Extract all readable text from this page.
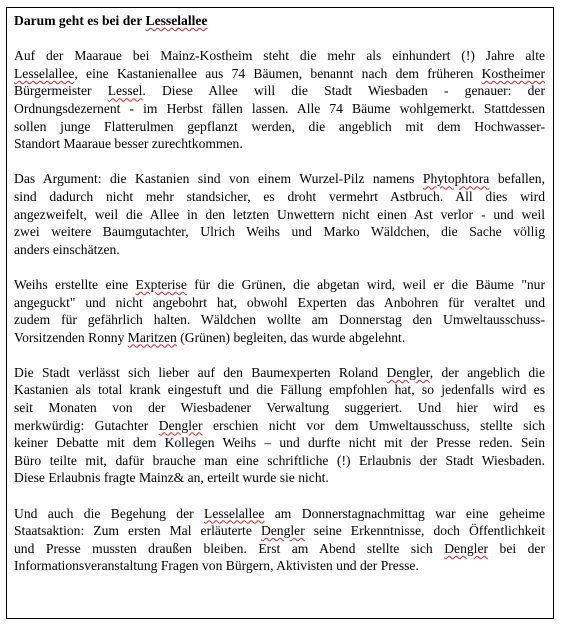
Darum geht es bei der Lesselallee
Auf der Maaraue bei Mainz-Kostheim steht die mehr als einhundert (!) Jahre alte
Lesselallee, eine Kastanienallee aus 74 Bäumen, benannt nach dem früheren Kostheimer
Bürgermeister Lessel. Diese Allee will die Stadt Wiesbaden - genauer: der
Ordnungsdezernent - im Herbst fällen lassen. Alle 74 Bäume wohlgemerkt. Stattdessen
sollen junge Flatterulmen gepflanzt werden, die angeblich mit dem Hochwasser-
Standort Maaraue besser zurechtkommen.
Das Argument: die Kastanien sind von einem Wurzel-Pilz namens Phytophtora befallen,
sind dadurch nicht mehr standsicher, es droht vermehrt Astbruch. All dies wird
angezweifelt, weil die Allee in den letzten Unwettern nicht einen Ast verlor - und weil
zwei weitere Baumgutachter, Ulrich Weihs und Marko Wäldchen, die Sache völlig
anders einschätzen.
Weihs erstellte eine Expterise für die Grünen, die abgetan wird, weil er die Bäume "nur
angeguckt" und nicht angebohrt hat, obwohl Experten das Anbohren für veraltet und
zudem für gefährlich halten. Wäldchen wollte am Donnerstag den Umweltausschuss-
Vorsitzenden Ronny Maritzen (Grünen) begleiten, das wurde abgelehnt.
Die Stadt verlässt sich lieber auf den Baumexperten Roland Dengler, der angeblich die
Kastanien als total krank eingestuft und die Fällung empfohlen hat, so jedenfalls wird es
seit Monaten von der Wiesbadener Verwaltung suggeriert. Und hier wird es
merkwürdig: Gutachter Dengler erschien nicht vor dem Umweltausschuss, stellte sich
keiner Debatte mit dem Kollegen Weihs – und durfte nicht mit der Presse reden. Sein
Büro teilte mit, dafür brauche man eine schriftliche (!) Erlaubnis der Stadt Wiesbaden.
Diese Erlaubnis fragte Mainz& an, erteilt wurde sie nicht.
Und auch die Begehung der Lesselallee am Donnerstagnachmittag war eine geheime
Staatsaktion: Zum ersten Mal erläuterte Dengler seine Erkenntnisse, doch Öffentlichkeit
und Presse mussten draußen bleiben. Erst am Abend stellte sich Dengler bei der
Informationsveranstaltung Fragen von Bürgern, Aktivisten und der Presse.
